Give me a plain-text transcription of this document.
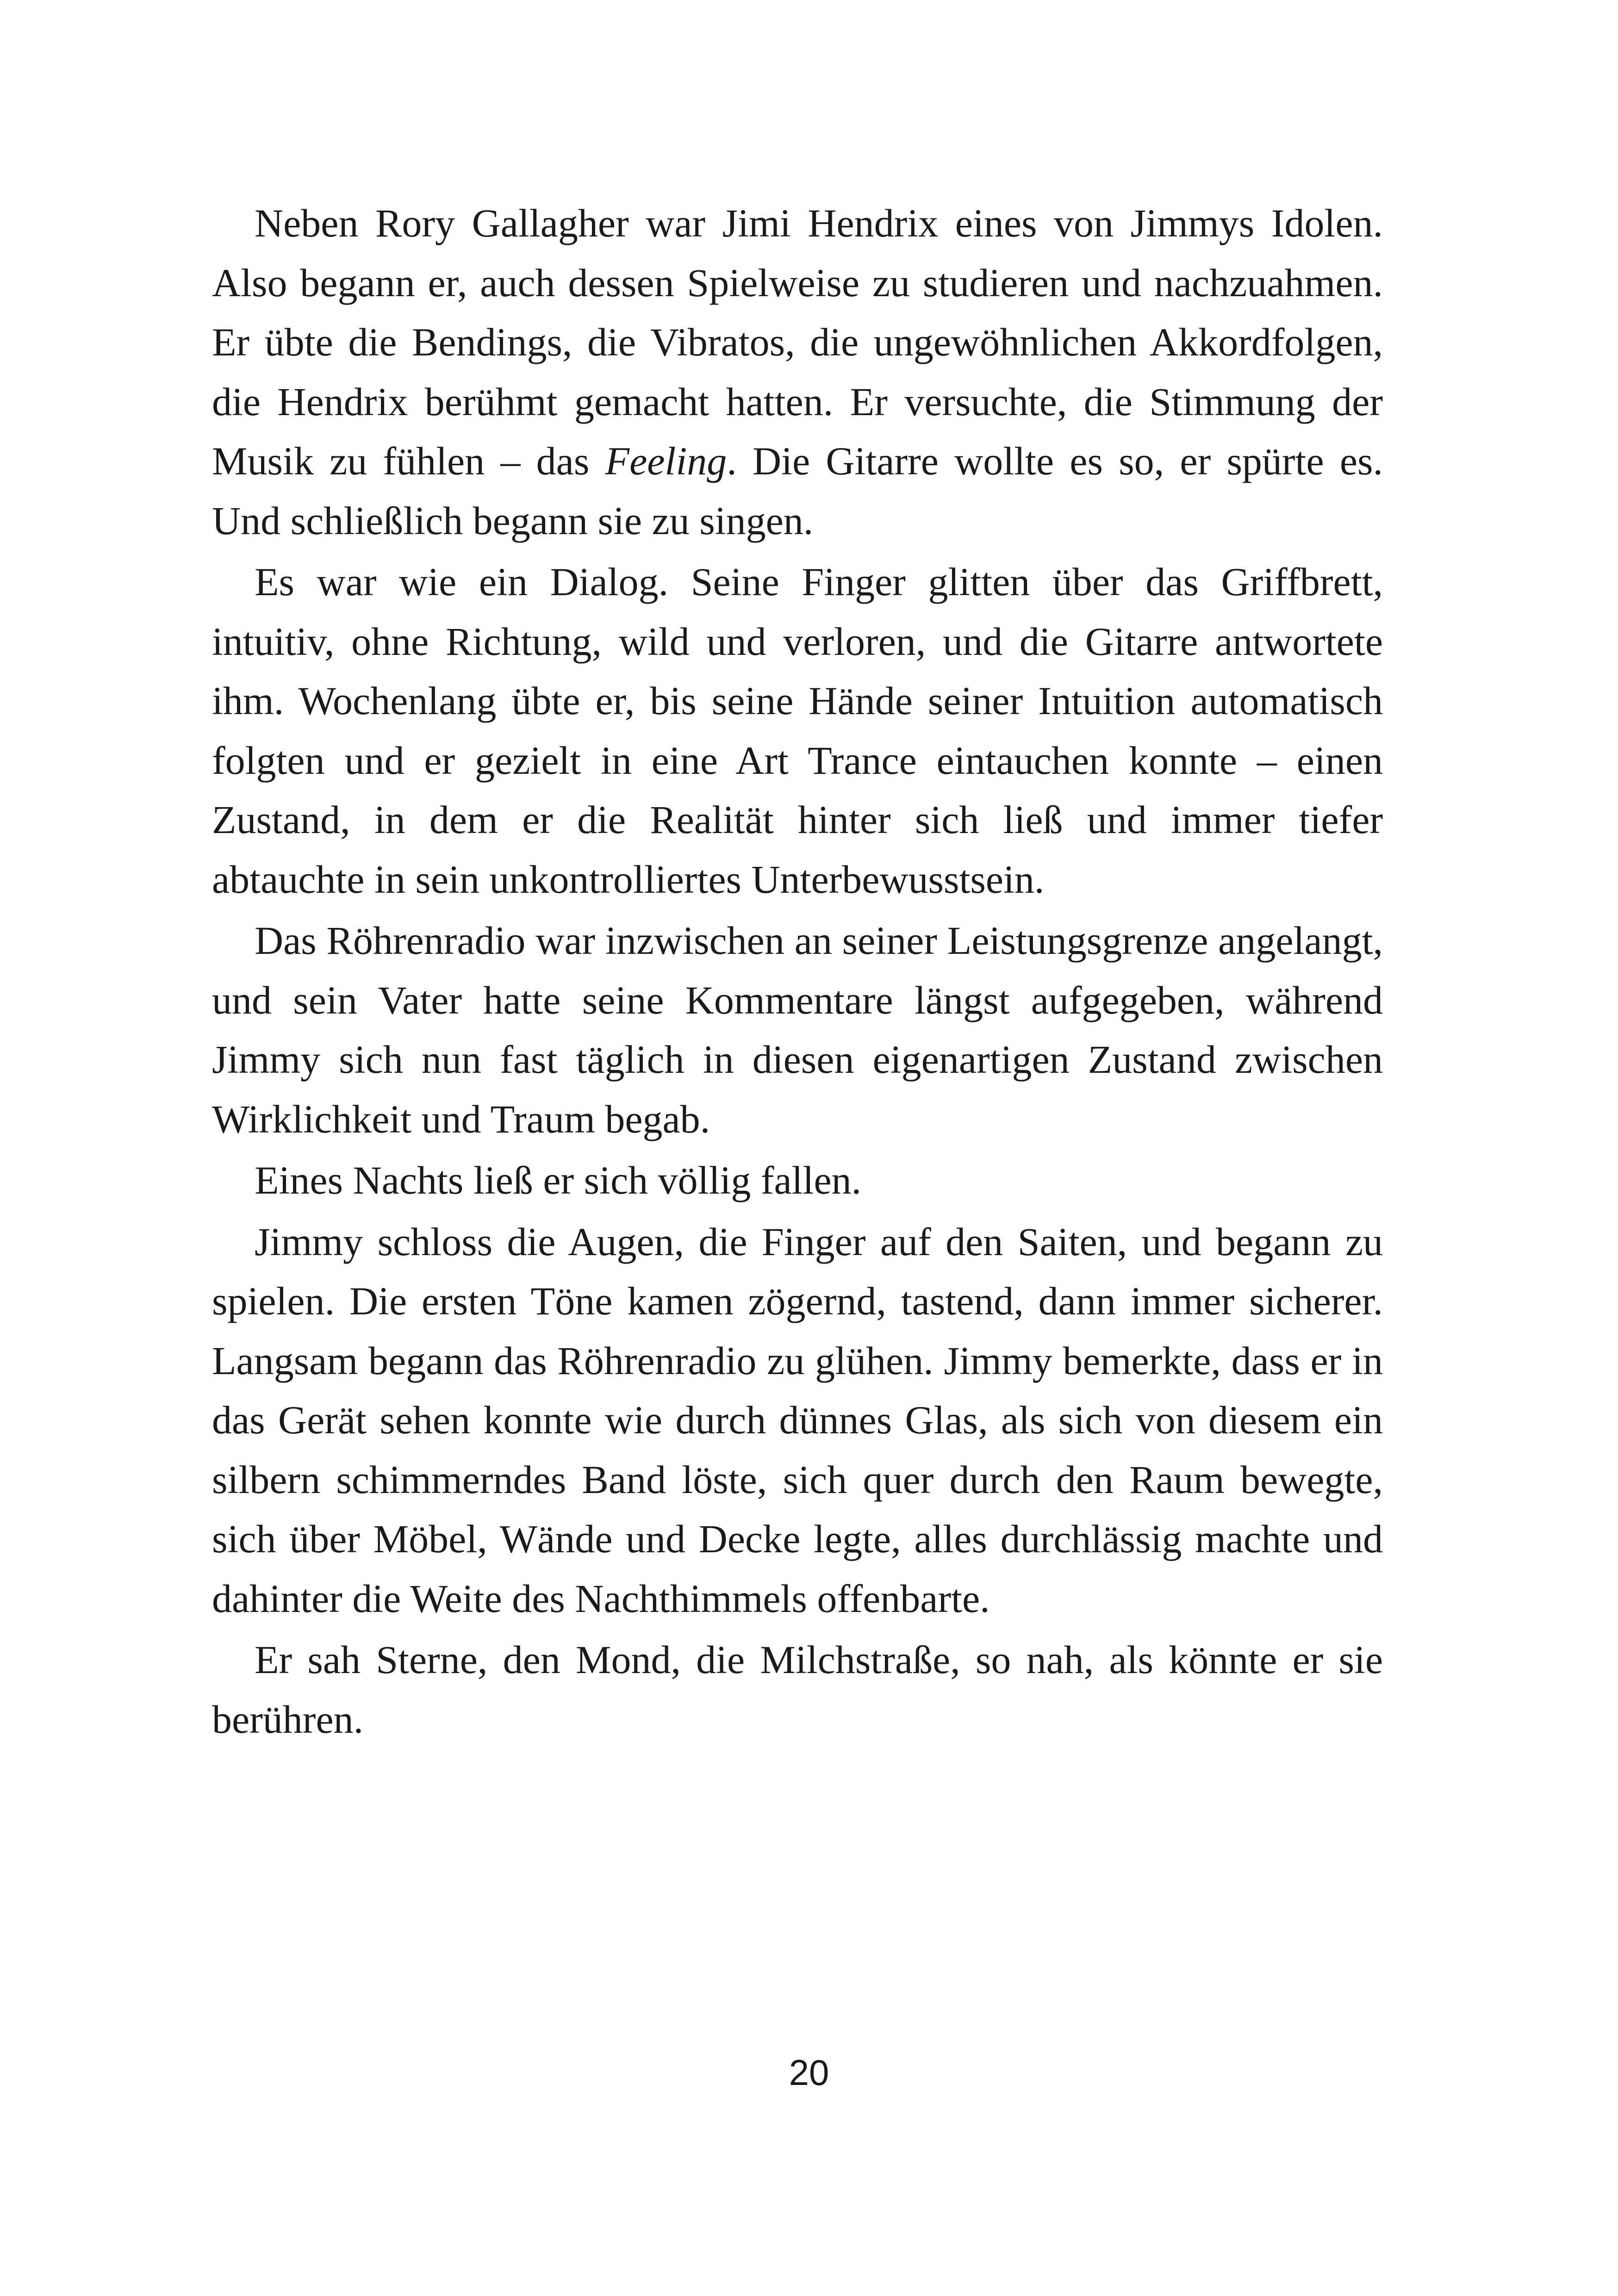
Neben Rory Gallagher war Jimi Hendrix eines von Jimmys Idolen. Also begann er, auch dessen Spielweise zu studieren und nachzuahmen. Er übte die Bendings, die Vibratos, die ungewöhnlichen Akkordfolgen, die Hendrix berühmt gemacht hatten. Er versuchte, die Stimmung der Musik zu fühlen – das Feeling. Die Gitarre wollte es so, er spürte es. Und schließlich begann sie zu singen.

Es war wie ein Dialog. Seine Finger glitten über das Griffbrett, intuitiv, ohne Richtung, wild und verloren, und die Gitarre antwortete ihm. Wochenlang übte er, bis seine Hände seiner Intuition automatisch folgten und er gezielt in eine Art Trance eintauchen konnte – einen Zustand, in dem er die Realität hinter sich ließ und immer tiefer abtauchte in sein unkontrolliertes Unterbewusstsein.

Das Röhrenradio war inzwischen an seiner Leistungsgrenze angelangt, und sein Vater hatte seine Kommentare längst aufgegeben, während Jimmy sich nun fast täglich in diesen eigenartigen Zustand zwischen Wirklichkeit und Traum begab.

Eines Nachts ließ er sich völlig fallen.

Jimmy schloss die Augen, die Finger auf den Saiten, und begann zu spielen. Die ersten Töne kamen zögernd, tastend, dann immer sicherer. Langsam begann das Röhrenradio zu glühen. Jimmy bemerkte, dass er in das Gerät sehen konnte wie durch dünnes Glas, als sich von diesem ein silbern schimmerndes Band löste, sich quer durch den Raum bewegte, sich über Möbel, Wände und Decke legte, alles durchlässig machte und dahinter die Weite des Nachthimmels offenbarte.

Er sah Sterne, den Mond, die Milchstraße, so nah, als könnte er sie berühren.

20
